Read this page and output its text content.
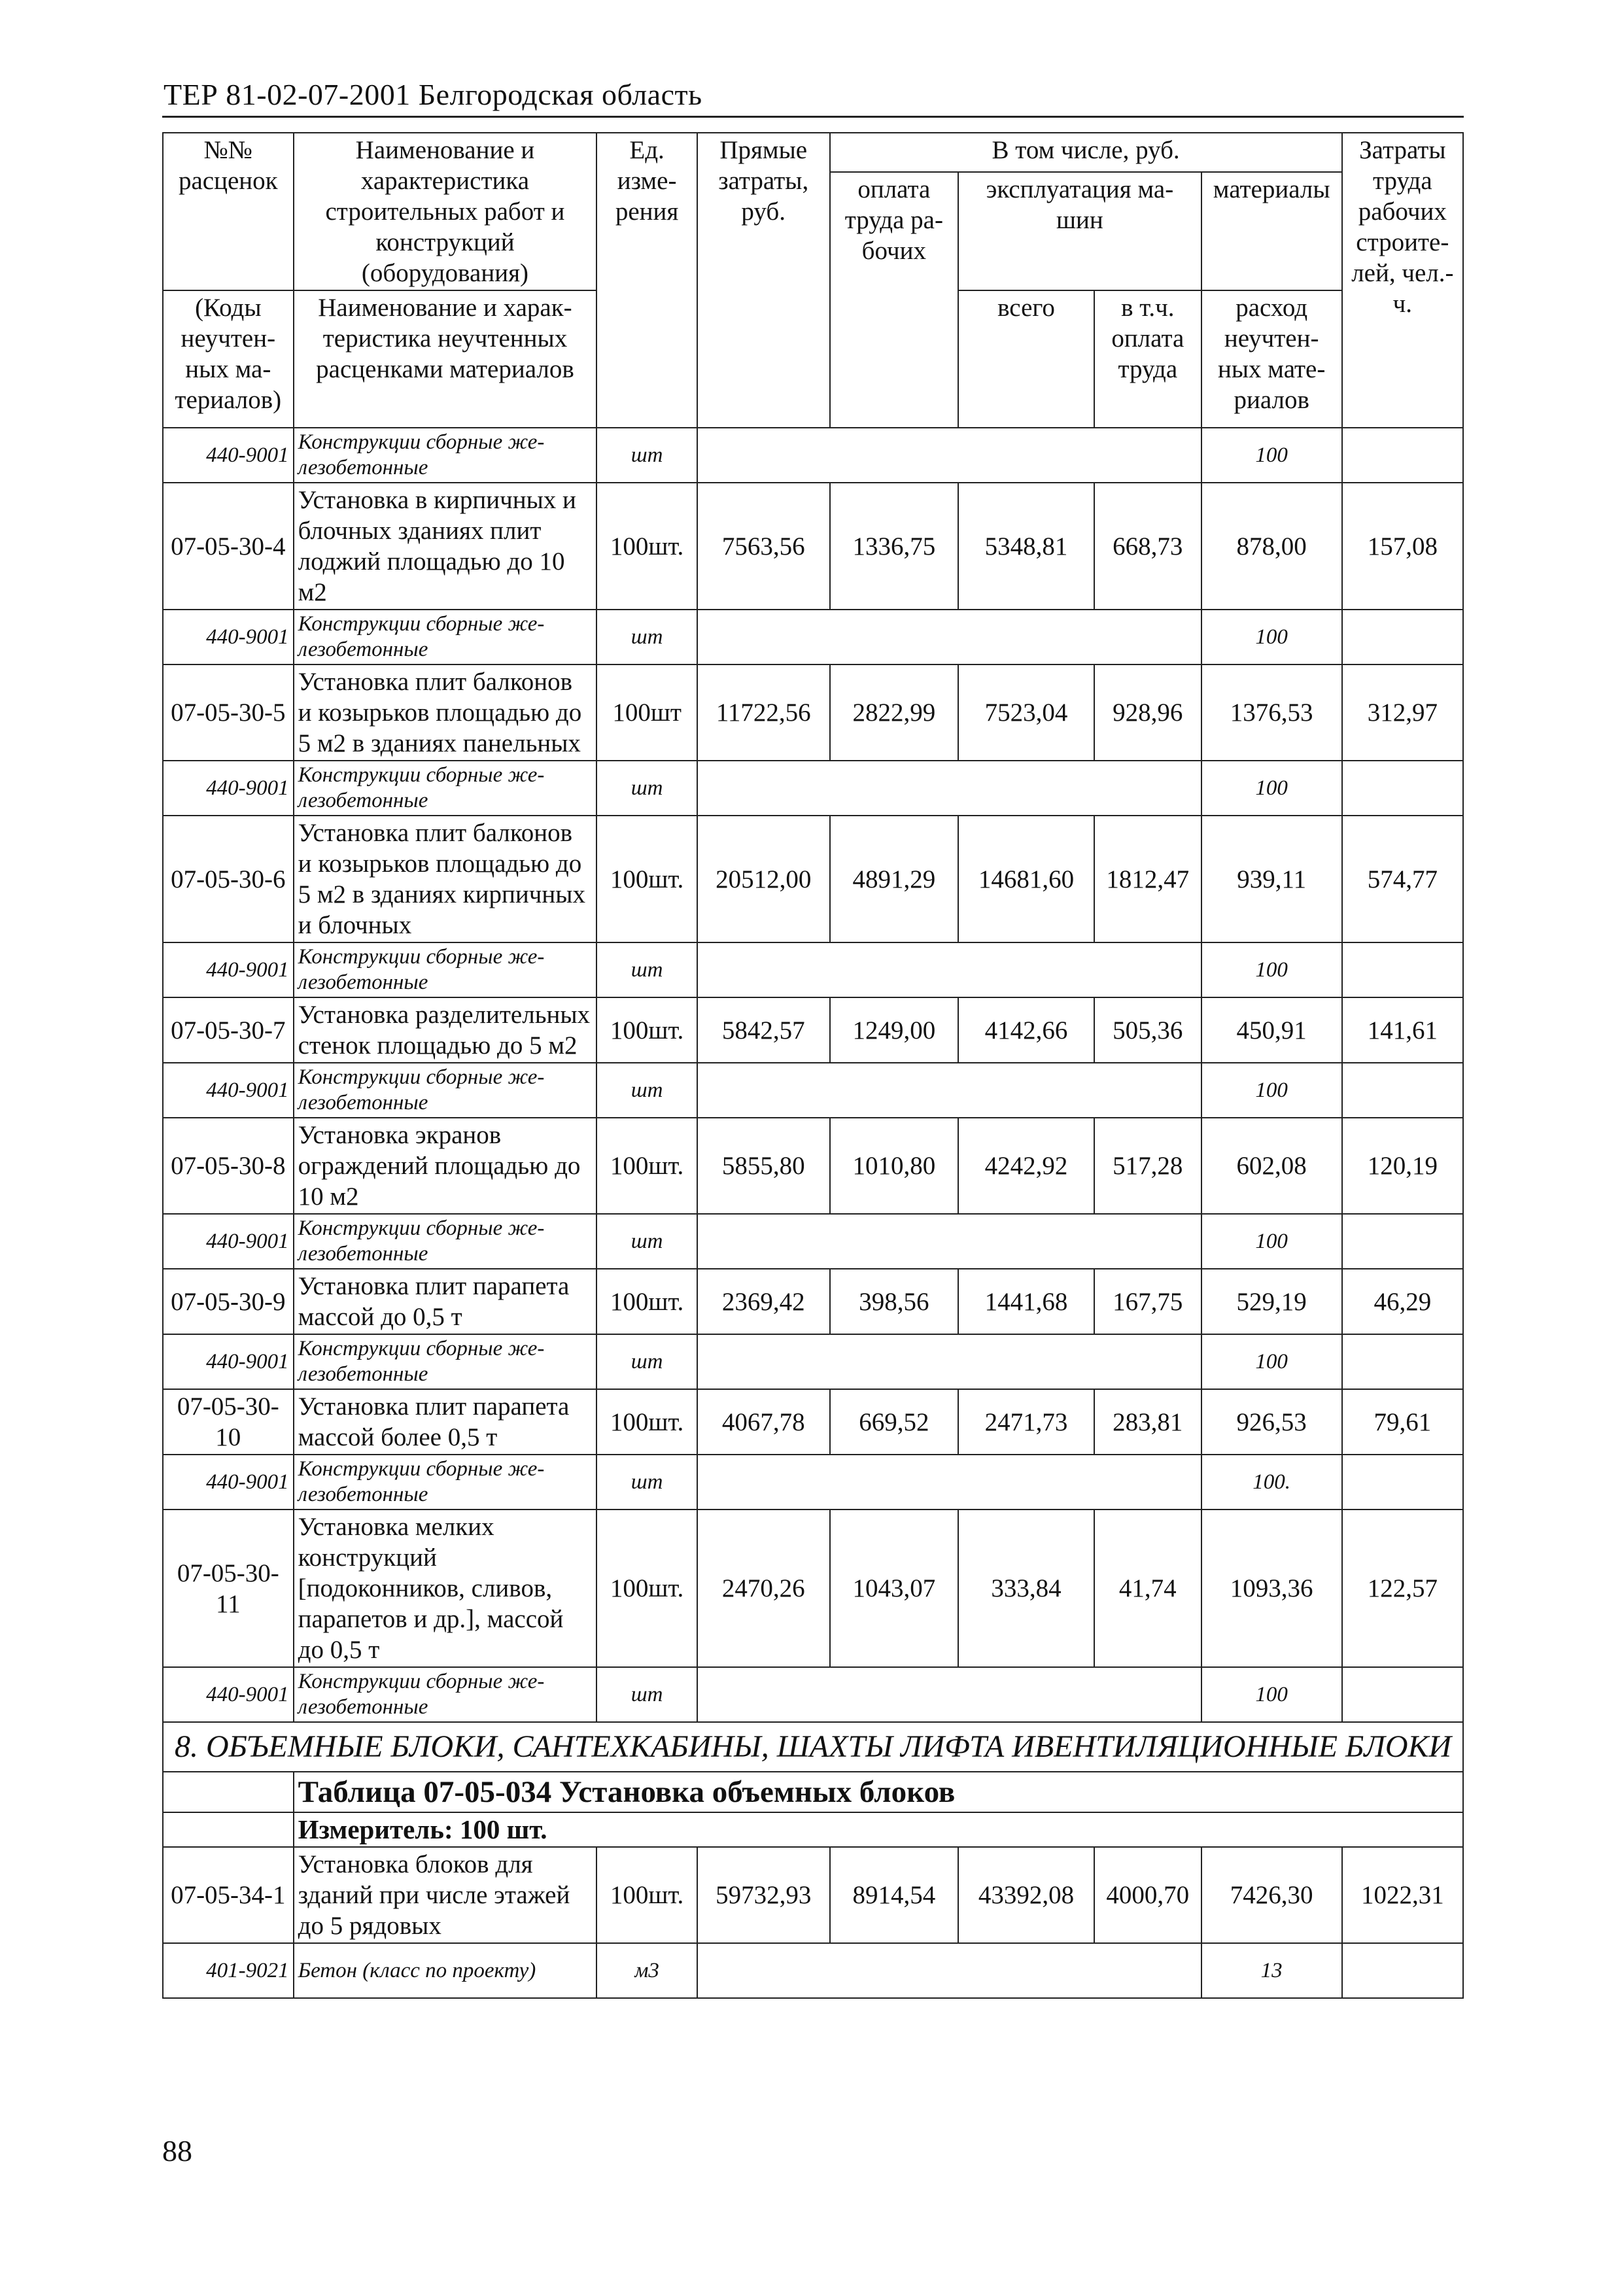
ТЕР 81-02-07-2001 Белгородская область
№№ расценок	Наименование и характеристика строительных работ и конструкций (оборудования)	Ед. изме-рения	Прямые затраты, руб.	В том числе, руб.				Затраты труда рабочих строите-лей, чел.-ч.
				оплата труда ра-бочих	эксплуатация ма-шин		материалы	
(Коды неучтен-ных ма-териалов)	Наименование и харак-теристика неучтенных расценками материалов				всего	в т.ч. оплата труда	расход неучтен-ных мате-риалов	

440-9001	Конструкции сборные же-лезобетонные	шт					100	
07-05-30-4	Установка в кирпичных и блочных зданиях плит лоджий площадью до 10 м2	100шт.	7563,56	1336,75	5348,81	668,73	878,00	157,08
440-9001	Конструкции сборные же-лезобетонные	шт					100	
07-05-30-5	Установка плит балконов и козырьков площадью до 5 м2 в зданиях панельных	100шт	11722,56	2822,99	7523,04	928,96	1376,53	312,97
440-9001	Конструкции сборные же-лезобетонные	шт					100	
07-05-30-6	Установка плит балконов и козырьков площадью до 5 м2 в зданиях кирпичных и блочных	100шт.	20512,00	4891,29	14681,60	1812,47	939,11	574,77
440-9001	Конструкции сборные же-лезобетонные	шт					100	
07-05-30-7	Установка разделительных стенок площадью до 5 м2	100шт.	5842,57	1249,00	4142,66	505,36	450,91	141,61
440-9001	Конструкции сборные же-лезобетонные	шт					100	
07-05-30-8	Установка экранов ограждений площадью до 10 м2	100шт.	5855,80	1010,80	4242,92	517,28	602,08	120,19
440-9001	Конструкции сборные же-лезобетонные	шт					100	
07-05-30-9	Установка плит парапета массой до 0,5 т	100шт.	2369,42	398,56	1441,68	167,75	529,19	46,29
440-9001	Конструкции сборные же-лезобетонные	шт					100	
07-05-30-10	Установка плит парапета массой более 0,5 т	100шт.	4067,78	669,52	2471,73	283,81	926,53	79,61
440-9001	Конструкции сборные же-лезобетонные	шт					100.	
07-05-30-11	Установка мелких конструкций [подоконников, сливов, парапетов и др.], массой до 0,5 т	100шт.	2470,26	1043,07	333,84	41,74	1093,36	122,57
440-9001	Конструкции сборные же-лезобетонные	шт					100	
8. ОБЪЕМНЫЕ БЛОКИ, САНТЕХКАБИНЫ, ШАХТЫ ЛИФТА ИВЕНТИЛЯЦИОННЫЕ БЛОКИ								
	Таблица 07-05-034 Установка объемных блоков							
	Измеритель: 100 шт.							
07-05-34-1	Установка блоков для зданий при числе этажей до 5 рядовых	100шт.	59732,93	8914,54	43392,08	4000,70	7426,30	1022,31
401-9021	Бетон (класс по проекту)	м3					13	
88
